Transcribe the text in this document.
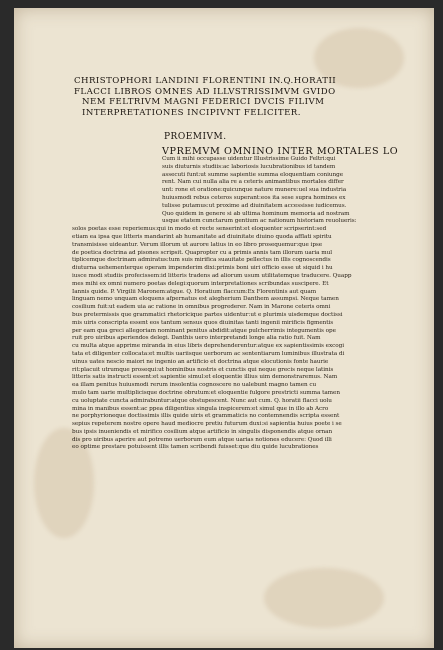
CHRISTOPHORI LANDINI FLORENTINI IN.Q.HORATII
FLACCI LIBROS OMNES AD ILLVSTRISSIMVM GVIDO
NEM FELTRIVM MAGNI FEDERICI DVCIS FILIVM
INTERPRETATIONES INCIPIVNT FELICITER.
PROEMIVM.
VPREMVM OMNINO INTER MORTALES LO
Cum ii mihi occupasse uidentur Illustrissime Guido Feltri:qui
suis diuturnis studiis:ac laboriosis lucubrationibus id tandem
assecuti funt:ut summe sapientie summa eloquentiam coniunge
rent. Nam cui nulla alia re a ceteris animantibus mortales differ
unt: rone et oratione:quicunque nature munere:uel sua industria
huiusmodi rebus ceteros superant:eos ita sese supra homines ex
tulisse putamus:ut proxime ad diuinitatem accessisse iudicemus.
Quo quidem in genere si ab ultima hominum memoria ad nostram
usque etatem cunctarum gentium ac nationum historiam reuolueris:
solos poetas esse reperiemus:qui in modo et recte senserint:et eloquenter scripserint:sed
etiam ea ipsa que litteris mandarint ab humanitate ad diuinitate diuino quoda afflati spiritu
transmisisse uideantur. Verum illorum ut aurore latius in eo libro prosequemur:que ipse
de poetica doctrina ad pisones scripsit. Quapropter cu a primis annis tam illorum uaria mul
tiplicemque doctrinam admiratus:tum suis mirifica suauitate pellectus in illis cognoscendis
diuturna uehementerque operam impenderim dixi:primis boni uiri officio esse ut siquid i hu
iusce modi studiis profecissem:id litteris tradens ad aliorum usum utilitatemque traducere. Quapp
mes mihi ex omni numero poetas delegi:quorum interpretationes scribundas suscipere. Et
Iannis quide. P. Virgilii Maronem:atque. Q. Horatium flaccum:Ex Florentinis aut quam
linguam nemo unquam eloquens afpernatus est alegherium Danthem assumpsi. Neque tamen
cosilium fuit:ut eadem uia ac ratione in omnibus progrederer. Nam in Marone ceteris omni
bus pretermissis que grammatici rhetoricique partes uidentur:ut e plurimis uisdemque doctissi
mis uiris conscripta essent eos tantum sensus quos diuinitas tanti ingenii mirificis figmentis
per eam qua greci allegoriam nominant penitus abdidit:atque pulcherrimis integumentis ope
ruit pro uiribus aperiendos delegi. Danthis uero interpretandi longe alia ratio fuit. Nam
cu multa atque apprime miranda in eius libris deprehenderentur:atque ex sapientissimis excogi
tata et diligenter collocata:et multis uariisque uerborum ac sententiarum luminibus illustrata di
uinus uates nescio maiori ne ingenio an artificio et doctrina atque elocutionis fonte haurie
rit:placuit utrumque prosequi:ut hominibus nostris et cunctis qui neque grecis neque latinis
litteris satis instructi essent:et sapientie simul:et eloquentie illius uim demonstraremus. Nam
ea illam penitus huiusmodi rerum insolentia cognoscere no ualebunt magno tamen cu
mulo tam uarie multiplicisque doctrine obrutum:et eloquentie fulgore prestricti summa tamen
cu uoluptate cuncta admirabuntur:atque obstupescent. Nunc aut cum. Q. horatii flacci uolu
mina in manibus essent:ac ppea diligentius singula inspicerem:et simul que in illo ab Acro
ne porphyrioneque doctissimis illis quide uiris et grammaticis no contemnendis scripta essent
sepius repeterem nostre opere haud mediocre pretiu futurum duxi:si sapientia huius poete i se
bus ipsis inueniendis et mirifico cosilium atque artificio in singulis disponendis atque ornan
dis pro uiribus aperire aut potremo uerborum eum atque uarias notiones educere: Quod illi
eo optime prestare potuissent illis tamen scribendi fuisset:que diu quide lucubrationes
